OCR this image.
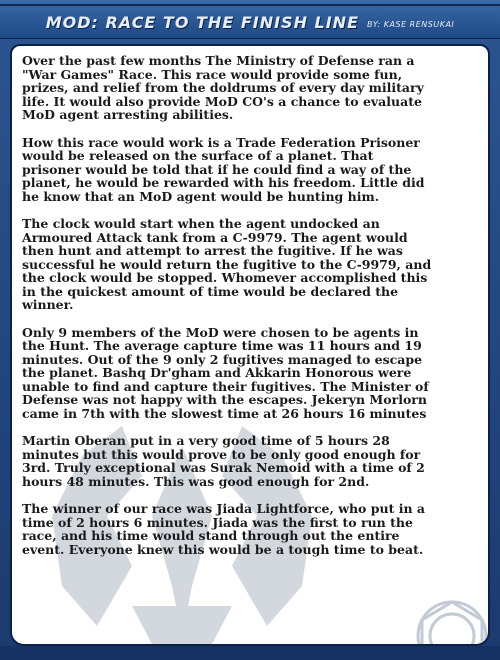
MOD: RACE TO THE FINISH LINE BY: KASE RENSUKAI

Over the past few months The Ministry of Defense ran a
"War Games" Race. This race would provide some fun,
prizes, and relief from the doldrums of every day military
life. It would also provide MoD CO's a chance to evaluate
MoD agent arresting abilities.

How this race would work is a Trade Federation Prisoner
would be released on the surface of a planet. That
prisoner would be told that if he could find a way of the
planet, he would be rewarded with his freedom. Little did
he know that an MoD agent would be hunting him.

The clock would start when the agent undocked an
Armoured Attack tank from a C-9979. The agent would
then hunt and attempt to arrest the fugitive. If he was
successful he would return the fugitive to the C-9979, and
the clock would be stopped. Whomever accomplished this
in the quickest amount of time would be declared the
winner.

Only 9 members of the MoD were chosen to be agents in
the Hunt. The average capture time was 11 hours and 19
minutes. Out of the 9 only 2 fugitives managed to escape
the planet. Bashq Dr'gham and Akkarin Honorous were
unable to find and capture their fugitives. The Minister of
Defense was not happy with the escapes. Jekeryn Morlorn
came in 7th with the slowest time at 26 hours 16 minutes

Martin Oberan put in a very good time of 5 hours 28
minutes but this would prove to be only good enough for
3rd. Truly exceptional was Surak Nemoid with a time of 2
hours 48 minutes. This was good enough for 2nd.

The winner of our race was Jiada Lightforce, who put in a
time of 2 hours 6 minutes. Jiada was the first to run the
race, and his time would stand through out the entire
event. Everyone knew this would be a tough time to beat.
